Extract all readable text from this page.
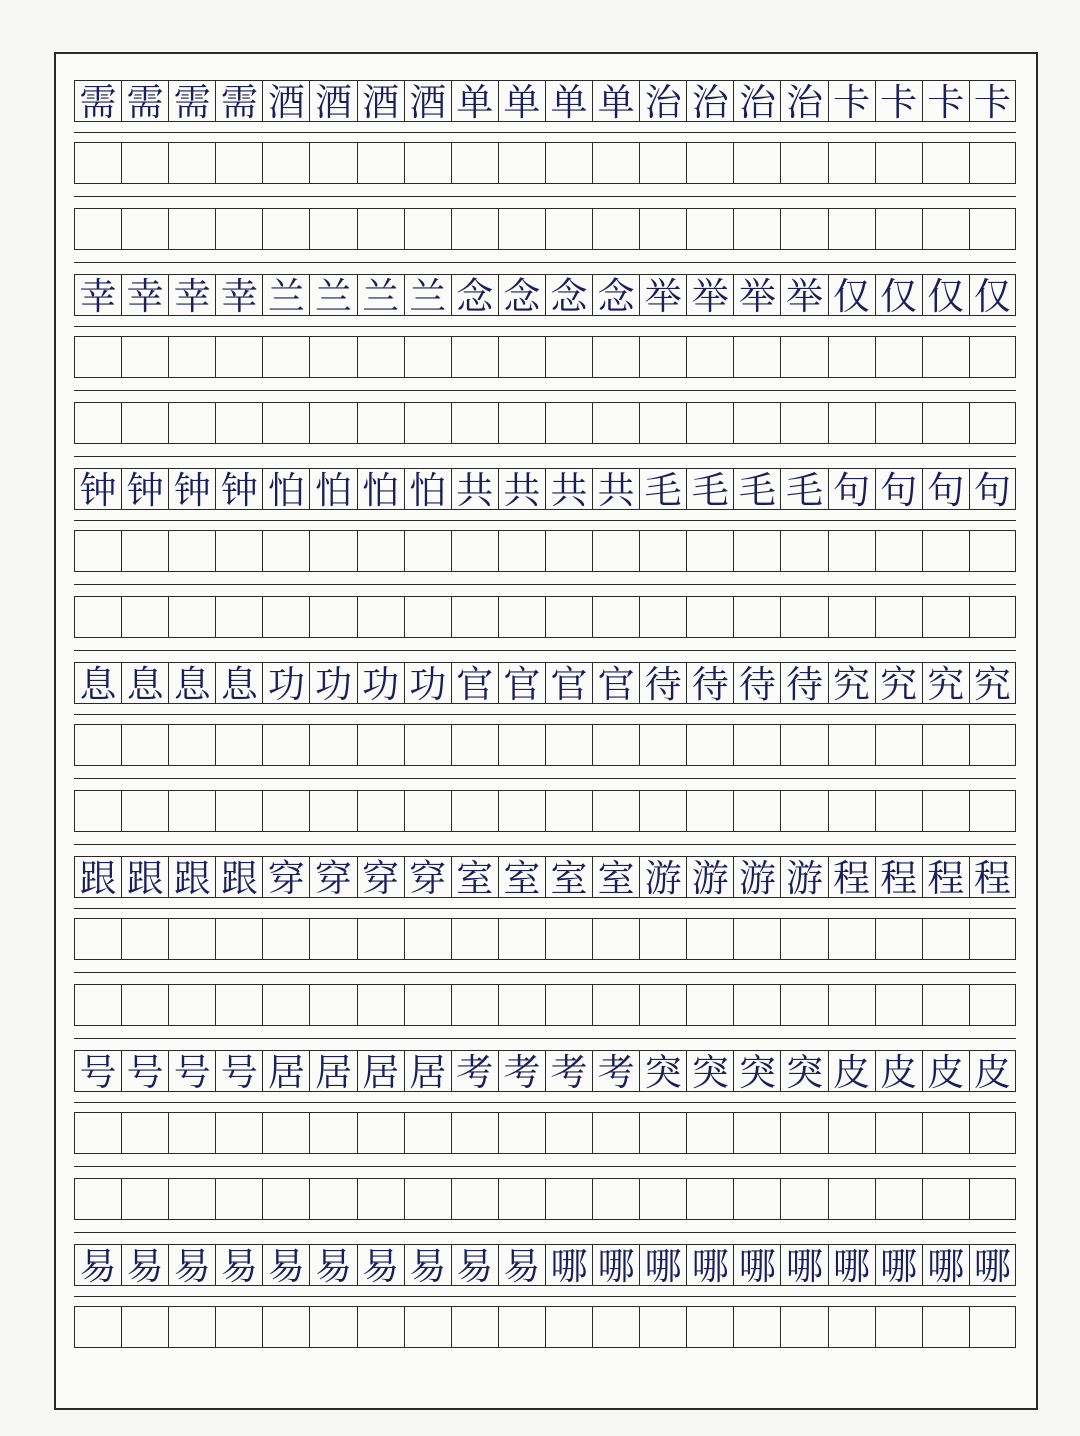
需 需 需 需 酒 酒 酒 酒 单 单 单 单 治 治 治 治 卡 卡 卡 卡
幸 幸 幸 幸 兰 兰 兰 兰 念 念 念 念 举 举 举 举 仅 仅 仅 仅
钟 钟 钟 钟 怕 怕 怕 怕 共 共 共 共 毛 毛 毛 毛 句 句 句 句
息 息 息 息 功 功 功 功 官 官 官 官 待 待 待 待 究 究 究 究
跟 跟 跟 跟 穿 穿 穿 穿 室 室 室 室 游 游 游 游 程 程 程 程
号 号 号 号 居 居 居 居 考 考 考 考 突 突 突 突 皮 皮 皮 皮
易 易 易 易 易 易 易 易 易 易 哪 哪 哪 哪 哪 哪 哪 哪 哪 哪
